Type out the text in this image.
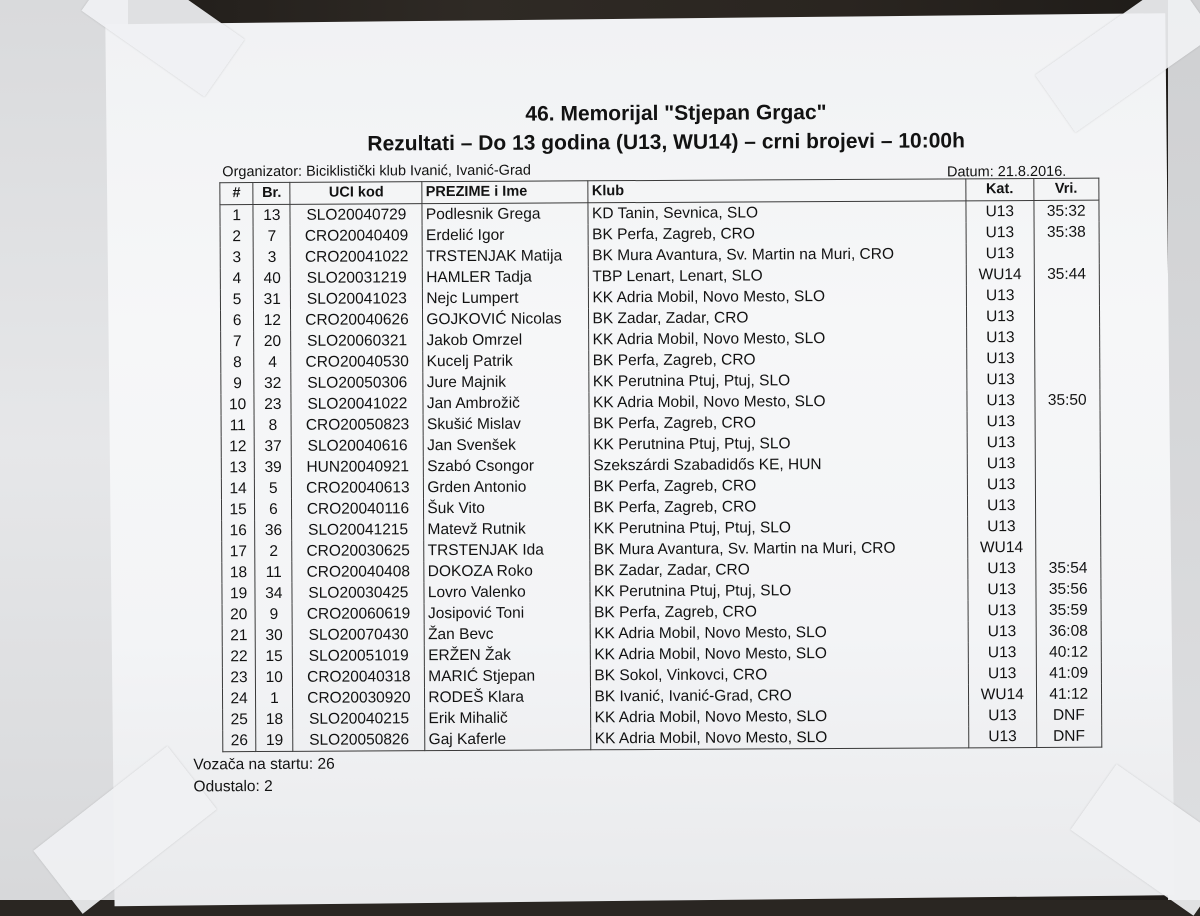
46. Memorijal "Stjepan Grgac"
Rezultati – Do 13 godina (U13, WU14) – crni brojevi – 10:00h
Organizator: Biciklistički klub Ivanić, Ivanić-Grad	Datum: 21.8.2016.
#	Br.	UCI kod	PREZIME i Ime	Klub	Kat.	Vri.
1	13	SLO20040729	Podlesnik Grega	KD Tanin, Sevnica, SLO	U13	35:32
2	7	CRO20040409	Erdelić Igor	BK Perfa, Zagreb, CRO	U13	35:38
3	3	CRO20041022	TRSTENJAK Matija	BK Mura Avantura, Sv. Martin na Muri, CRO	U13	
4	40	SLO20031219	HAMLER Tadja	TBP Lenart, Lenart, SLO	WU14	35:44
5	31	SLO20041023	Nejc Lumpert	KK Adria Mobil, Novo Mesto, SLO	U13	
6	12	CRO20040626	GOJKOVIĆ Nicolas	BK Zadar, Zadar, CRO	U13	
7	20	SLO20060321	Jakob Omrzel	KK Adria Mobil, Novo Mesto, SLO	U13	
8	4	CRO20040530	Kucelj Patrik	BK Perfa, Zagreb, CRO	U13	
9	32	SLO20050306	Jure Majnik	KK Perutnina Ptuj, Ptuj, SLO	U13	
10	23	SLO20041022	Jan Ambrožič	KK Adria Mobil, Novo Mesto, SLO	U13	35:50
11	8	CRO20050823	Skušić Mislav	BK Perfa, Zagreb, CRO	U13	
12	37	SLO20040616	Jan Svenšek	KK Perutnina Ptuj, Ptuj, SLO	U13	
13	39	HUN20040921	Szabó Csongor	Szekszárdi Szabadidős KE, HUN	U13	
14	5	CRO20040613	Grden Antonio	BK Perfa, Zagreb, CRO	U13	
15	6	CRO20040116	Šuk Vito	BK Perfa, Zagreb, CRO	U13	
16	36	SLO20041215	Matevž Rutnik	KK Perutnina Ptuj, Ptuj, SLO	U13	
17	2	CRO20030625	TRSTENJAK Ida	BK Mura Avantura, Sv. Martin na Muri, CRO	WU14	
18	11	CRO20040408	DOKOZA Roko	BK Zadar, Zadar, CRO	U13	35:54
19	34	SLO20030425	Lovro Valenko	KK Perutnina Ptuj, Ptuj, SLO	U13	35:56
20	9	CRO20060619	Josipović Toni	BK Perfa, Zagreb, CRO	U13	35:59
21	30	SLO20070430	Žan Bevc	KK Adria Mobil, Novo Mesto, SLO	U13	36:08
22	15	SLO20051019	ERŽEN Žak	KK Adria Mobil, Novo Mesto, SLO	U13	40:12
23	10	CRO20040318	MARIĆ Stjepan	BK Sokol, Vinkovci, CRO	U13	41:09
24	1	CRO20030920	RODEŠ Klara	BK Ivanić, Ivanić-Grad, CRO	WU14	41:12
25	18	SLO20040215	Erik Mihalič	KK Adria Mobil, Novo Mesto, SLO	U13	DNF
26	19	SLO20050826	Gaj Kaferle	KK Adria Mobil, Novo Mesto, SLO	U13	DNF
Vozača na startu: 26
Odustalo: 2
